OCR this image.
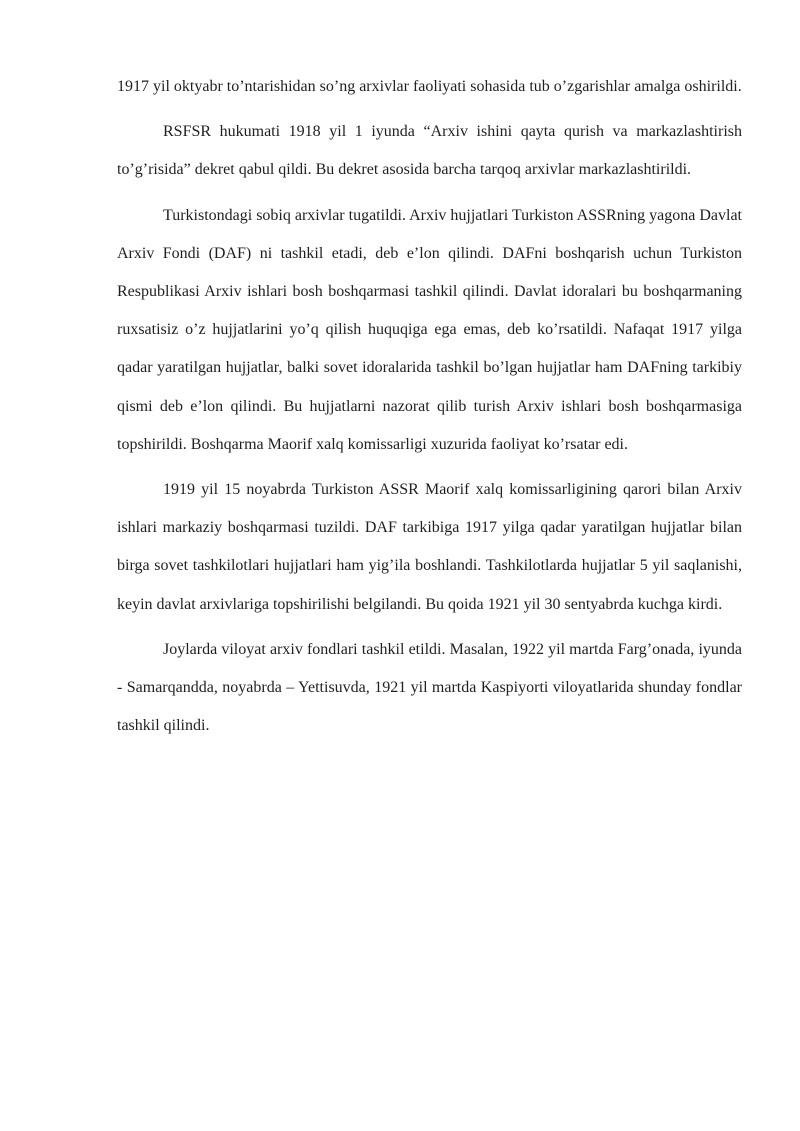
1917 yil oktyabr to’ntarishidan so’ng arxivlar faoliyati sohasida tub o’zgarishlar amalga oshirildi.

RSFSR hukumati 1918 yil 1 iyunda “Arxiv ishini qayta qurish va markazlashtirish to’g’risida” dekret qabul qildi. Bu dekret asosida barcha tarqoq arxivlar markazlashtirildi.

Turkistondagi sobiq arxivlar tugatildi. Arxiv hujjatlari Turkiston ASSRning yagona Davlat Arxiv Fondi (DAF) ni tashkil etadi, deb e’lon qilindi. DAFni boshqarish uchun Turkiston Respublikasi Arxiv ishlari bosh boshqarmasi tashkil qilindi. Davlat idoralari bu boshqarmaning ruxsatisiz o’z hujjatlarini yo’q qilish huquqiga ega emas, deb ko’rsatildi. Nafaqat 1917 yilga qadar yaratilgan hujjatlar, balki sovet idoralarida tashkil bo’lgan hujjatlar ham DAFning tarkibiy qismi deb e’lon qilindi. Bu hujjatlarni nazorat qilib turish Arxiv ishlari bosh boshqarmasiga topshirildi. Boshqarma Maorif xalq komissarligi xuzurida faoliyat ko’rsatar edi.

1919 yil 15 noyabrda Turkiston ASSR Maorif xalq komissarligining qarori bilan Arxiv ishlari markaziy boshqarmasi tuzildi. DAF tarkibiga 1917 yilga qadar yaratilgan hujjatlar bilan birga sovet tashkilotlari hujjatlari ham yig’ila boshlandi. Tashkilotlarda hujjatlar 5 yil saqlanishi, keyin davlat arxivlariga topshirilishi belgilandi. Bu qoida 1921 yil 30 sentyabrda kuchga kirdi.

Joylarda viloyat arxiv fondlari tashkil etildi. Masalan, 1922 yil martda Farg’onada, iyunda - Samarqandda, noyabrda – Yettisuvda, 1921 yil martda Kaspiyorti viloyatlarida shunday fondlar tashkil qilindi.
